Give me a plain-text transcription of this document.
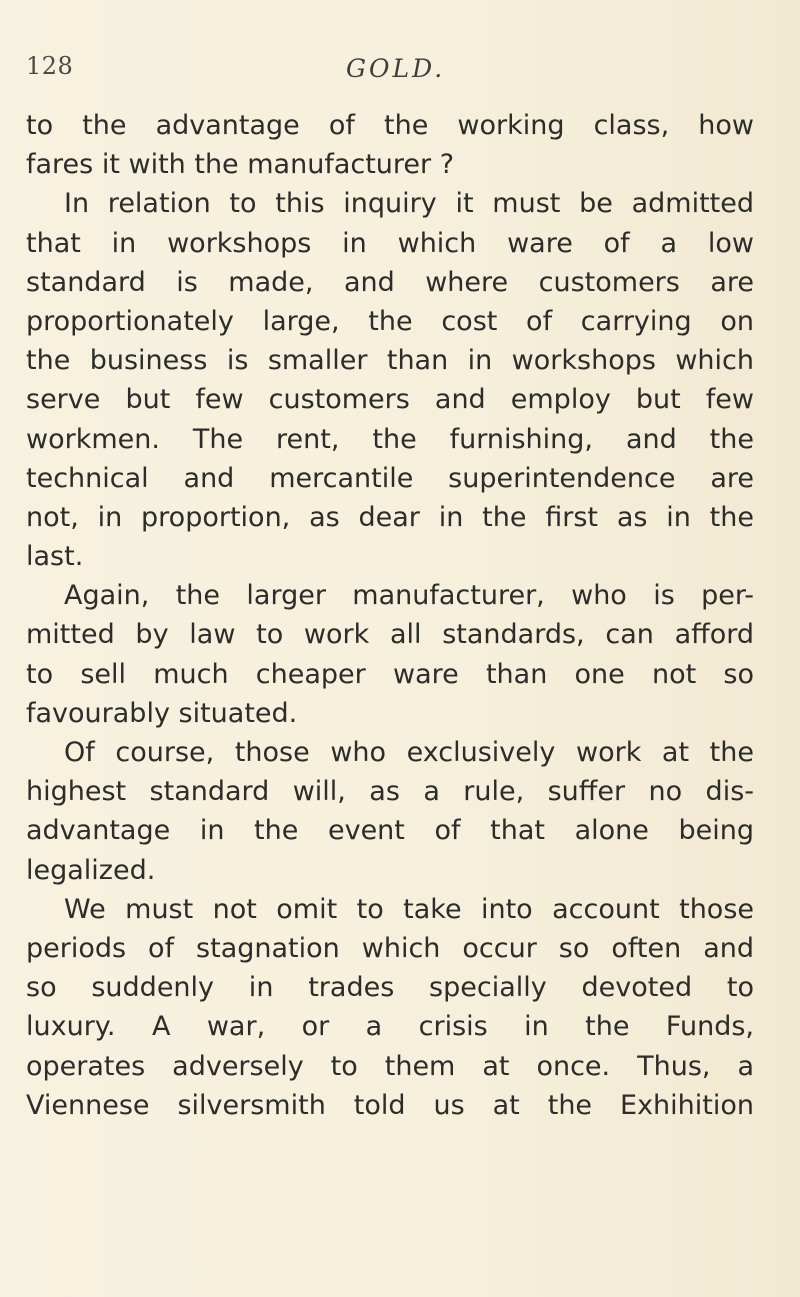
128	GOLD.
to the advantage of the working class, how
fares it with the manufacturer ?
In relation to this inquiry it must be admitted
that in workshops in which ware of a low
standard is made, and where customers are
proportionately large, the cost of carrying on
the business is smaller than in workshops which
serve but few customers and employ but few
workmen. The rent, the furnishing, and the
technical and mercantile superintendence are
not, in proportion, as dear in the first as in the
last.
Again, the larger manufacturer, who is per-
mitted by law to work all standards, can afford
to sell much cheaper ware than one not so
favourably situated.
Of course, those who exclusively work at the
highest standard will, as a rule, suffer no dis-
advantage in the event of that alone being
legalized.
We must not omit to take into account those
periods of stagnation which occur so often and
so suddenly in trades specially devoted to
luxury. A war, or a crisis in the Funds,
operates adversely to them at once. Thus, a
Viennese silversmith told us at the Exhihition
